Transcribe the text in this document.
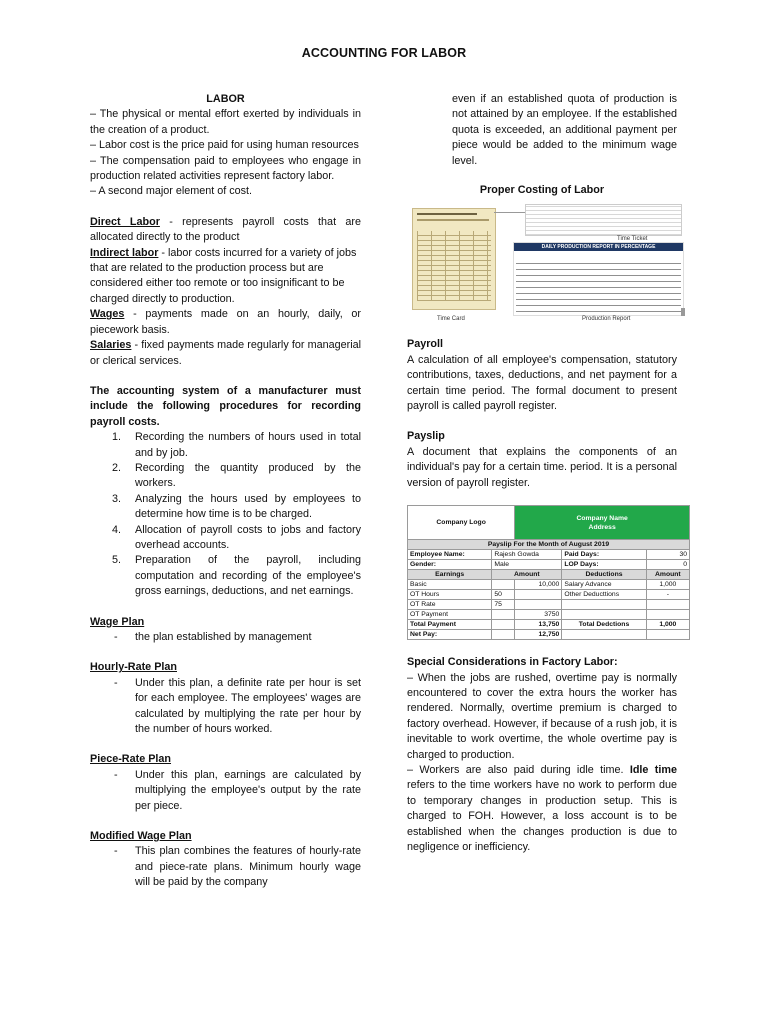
ACCOUNTING FOR LABOR

LABOR

– The physical or mental effort exerted by individuals in the creation of a product.

– Labor cost is the price paid for using human resources

– The compensation paid to employees who engage in production related activities represent factory labor.

– A second major element of cost.

Direct Labor - represents payroll costs that are allocated directly to the product

Indirect labor - labor costs incurred for a variety of jobs that are related to the production process but are considered either too remote or too insignificant to be charged directly to production.

Wages - payments made on an hourly, daily, or piecework basis.

Salaries - fixed payments made regularly for managerial or clerical services.

The accounting system of a manufacturer must include the following procedures for recording payroll costs.

1.	Recording the numbers of hours used in total and by job.
2.	Recording the quantity produced by the workers.
3.	Analyzing the hours used by employees to determine how time is to be charged.
4.	Allocation of payroll costs to jobs and factory overhead accounts.
5.	Preparation of the payroll, including computation and recording of the employee's gross earnings, deductions, and net earnings.

Wage Plan

-	the plan established by management

Hourly-Rate Plan

-	Under this plan, a definite rate per hour is set for each employee. The employees' wages are calculated by multiplying the rate per hour by the number of hours worked.

Piece-Rate Plan

-	Under this plan, earnings are calculated by multiplying the employee's output by the rate per piece.

Modified Wage Plan

-	This plan combines the features of hourly-rate and piece-rate plans. Minimum hourly wage will be paid by the company

even if an established quota of production is not attained by an employee. If the established quota is exceeded, an additional payment per piece would be added to the minimum wage level.

Proper Costing of Labor

Time Ticket
DAILY PRODUCTION REPORT IN PERCENTAGE
Time Card	Production Report

Payroll

A calculation of all employee's compensation, statutory contributions, taxes, deductions, and net payment for a certain time period. The formal document to present payroll is called payroll register.

Payslip

A document that explains the components of an individual's pay for a certain time. period. It is a personal version of payroll register.

Company Logo		Company Name
Address		
Payslip For the Month of August 2019				
Employee Name:	Rajesh Gowda		Paid Days:	30
Gender:	Male		LOP Days:	0
Earnings	Amount		Deductions	Amount
Basic		10,000	Salary Advance	1,000
OT Hours	50		Other Deducttions	-
OT Rate	75			
OT Payment		3750		
Total Payment		13,750	Total Dedctions	1,000
Net Pay:		12,750		

Special Considerations in Factory Labor:

– When the jobs are rushed, overtime pay is normally encountered to cover the extra hours the worker has rendered. Normally, overtime premium is charged to factory overhead. However, if because of a rush job, it is inevitable to work overtime, the whole overtime pay is charged to production.

– Workers are also paid during idle time. Idle time refers to the time workers have no work to perform due to temporary changes in production setup. This is charged to FOH. However, a loss account is to be established when the changes production is due to negligence or inefficiency.
